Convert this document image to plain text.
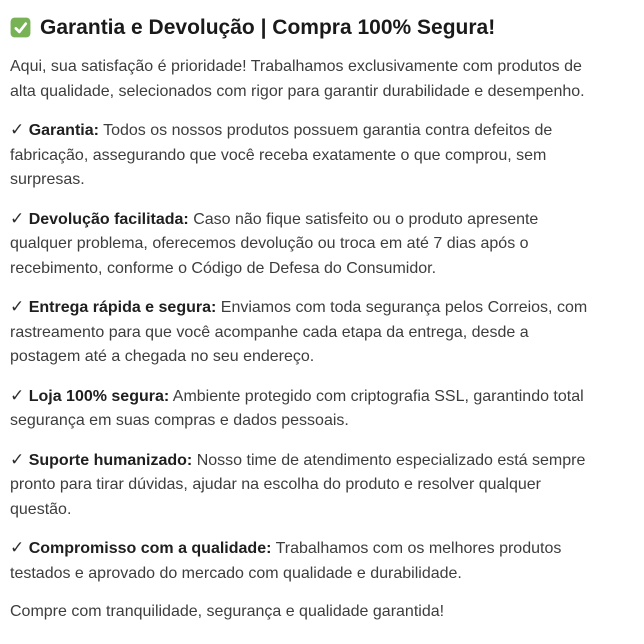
Garantia e Devolução | Compra 100% Segura!

Aqui, sua satisfação é prioridade! Trabalhamos exclusivamente com produtos de alta qualidade, selecionados com rigor para garantir durabilidade e desempenho.

✓ Garantia: Todos os nossos produtos possuem garantia contra defeitos de fabricação, assegurando que você receba exatamente o que comprou, sem surpresas.

✓ Devolução facilitada: Caso não fique satisfeito ou o produto apresente qualquer problema, oferecemos devolução ou troca em até 7 dias após o recebimento, conforme o Código de Defesa do Consumidor.

✓ Entrega rápida e segura: Enviamos com toda segurança pelos Correios, com rastreamento para que você acompanhe cada etapa da entrega, desde a postagem até a chegada no seu endereço.

✓ Loja 100% segura: Ambiente protegido com criptografia SSL, garantindo total segurança em suas compras e dados pessoais.

✓ Suporte humanizado: Nosso time de atendimento especializado está sempre pronto para tirar dúvidas, ajudar na escolha do produto e resolver qualquer questão.

✓ Compromisso com a qualidade: Trabalhamos com os melhores produtos testados e aprovado do mercado com qualidade e durabilidade.

Compre com tranquilidade, segurança e qualidade garantida!
